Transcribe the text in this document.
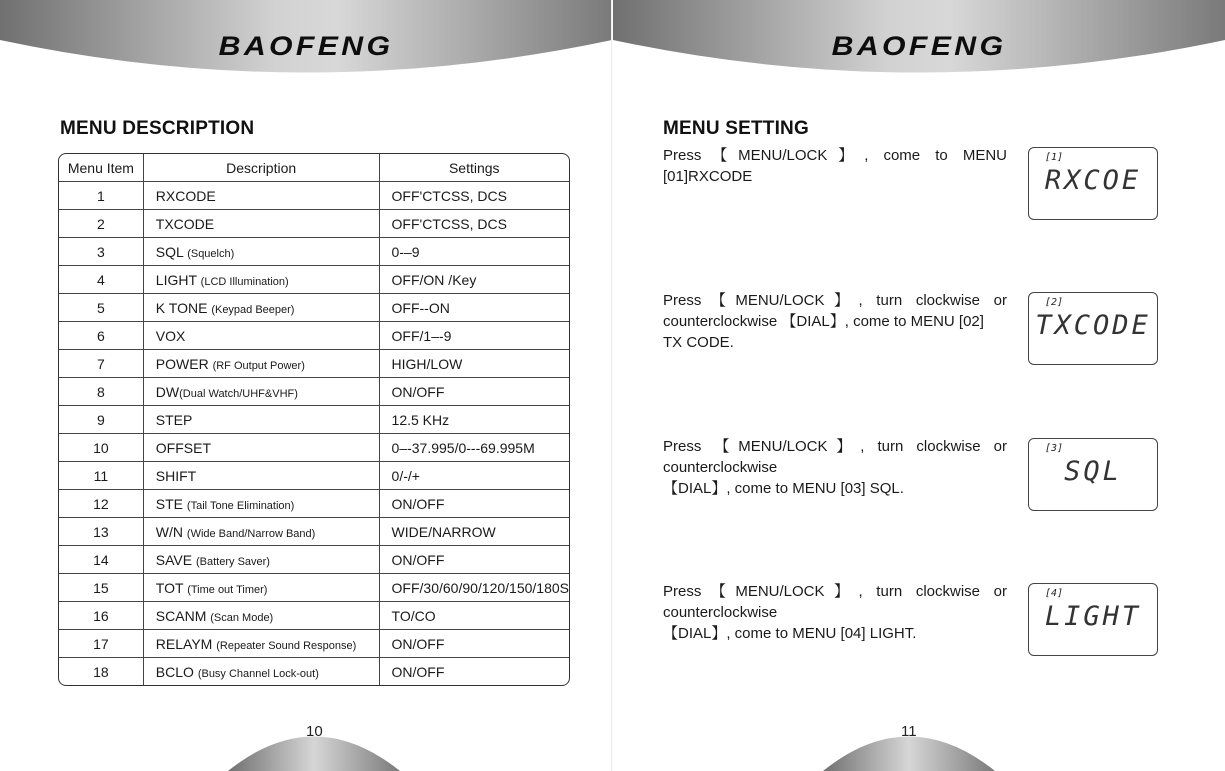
BAOFENG
MENU DESCRIPTION
Menu Item	Description	Settings
1	RXCODE	OFF'CTCSS, DCS
2	TXCODE	OFF'CTCSS, DCS
3	SQL (Squelch)	0-–9
4	LIGHT (LCD Illumination)	OFF/ON /Key
5	K TONE (Keypad Beeper)	OFF--ON
6	VOX	OFF/1–-9
7	POWER (RF Output Power)	HIGH/LOW
8	DW(Dual Watch/UHF&VHF)	ON/OFF
9	STEP	12.5 KHz
10	OFFSET	0–-37.995/0---69.995M
11	SHIFT	0/-/+
12	STE (Tail Tone Elimination)	ON/OFF
13	W/N (Wide Band/Narrow Band)	WIDE/NARROW
14	SAVE (Battery Saver)	ON/OFF
15	TOT (Time out Timer)	OFF/30/60/90/120/150/180S
16	SCANM (Scan Mode)	TO/CO
17	RELAYM (Repeater Sound Response)	ON/OFF
18	BCLO (Busy Channel Lock-out)	ON/OFF
10
BAOFENG
MENU SETTING
Press【MENU/LOCK】, come to MENU
[01]RXCODE
[1]
RXCOE
Press【MENU/LOCK】, turn clockwise or
counterclockwise 【DIAL】, come to MENU [02]
TX CODE.
[2]
TXCODE
Press 【MENU/LOCK】, turn clockwise or
counterclockwise
【DIAL】, come to MENU [03] SQL.
[3]
SQL
Press【MENU/LOCK】, turn clockwise or
counterclockwise
【DIAL】, come to MENU [04] LIGHT.
[4]
LIGHT
11
